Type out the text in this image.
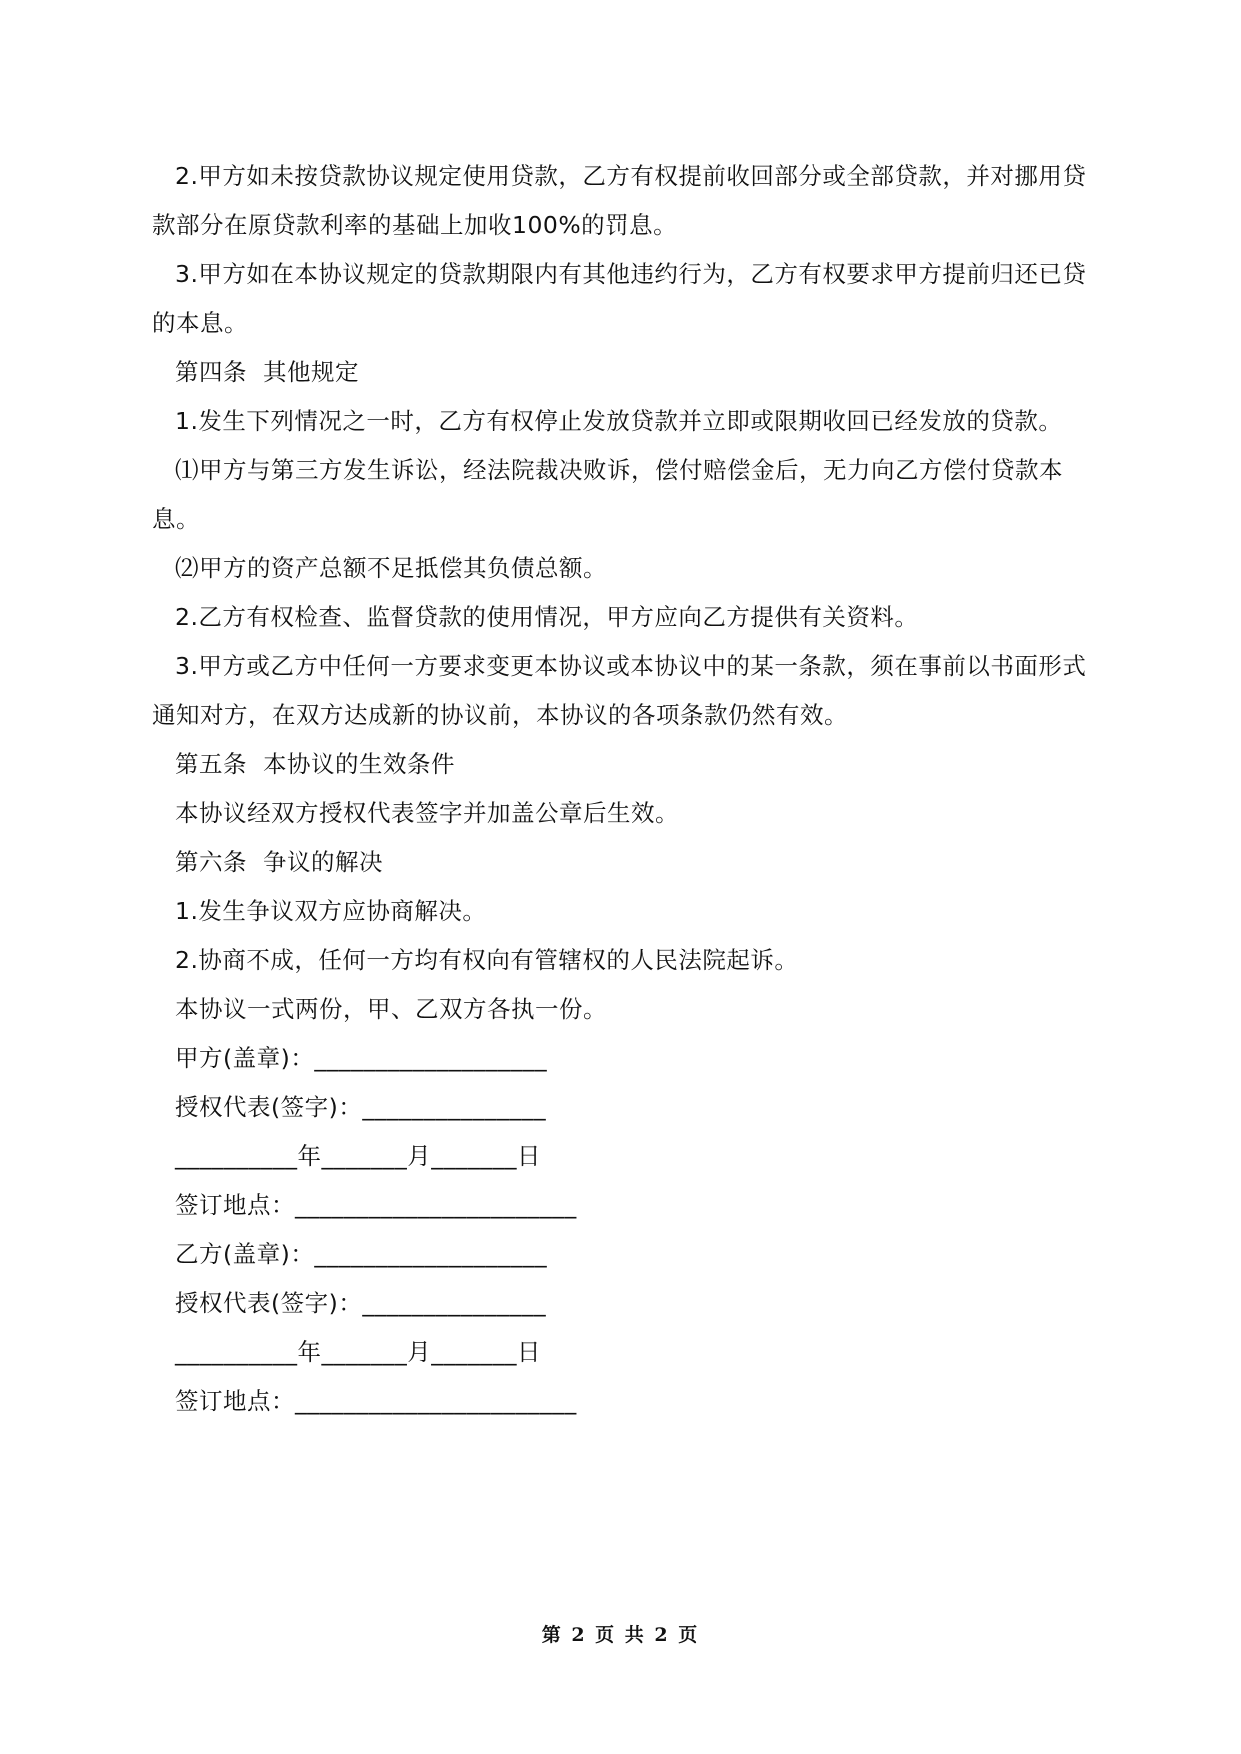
2.甲方如未按贷款协议规定使用贷款，乙方有权提前收回部分或全部贷款，并对挪用贷款部分在原贷款利率的基础上加收100%的罚息。

3.甲方如在本协议规定的贷款期限内有其他违约行为，乙方有权要求甲方提前归还已贷的本息。

第四条  其他规定

1.发生下列情况之一时，乙方有权停止发放贷款并立即或限期收回已经发放的贷款。

⑴甲方与第三方发生诉讼，经法院裁决败诉，偿付赔偿金后，无力向乙方偿付贷款本息。

⑵甲方的资产总额不足抵偿其负债总额。

2.乙方有权检查、监督贷款的使用情况，甲方应向乙方提供有关资料。

3.甲方或乙方中任何一方要求变更本协议或本协议中的某一条款，须在事前以书面形式通知对方，在双方达成新的协议前，本协议的各项条款仍然有效。

第五条  本协议的生效条件

本协议经双方授权代表签字并加盖公章后生效。

第六条  争议的解决

1.发生争议双方应协商解决。

2.协商不成，任何一方均有权向有管辖权的人民法院起诉。

本协议一式两份，甲、乙双方各执一份。

甲方(盖章)：___________________

授权代表(签字)：_______________

__________年_______月_______日

签订地点：_______________________

乙方(盖章)：___________________

授权代表(签字)：_______________

__________年_______月_______日

签订地点：_______________________

第 2 页 共 2 页
